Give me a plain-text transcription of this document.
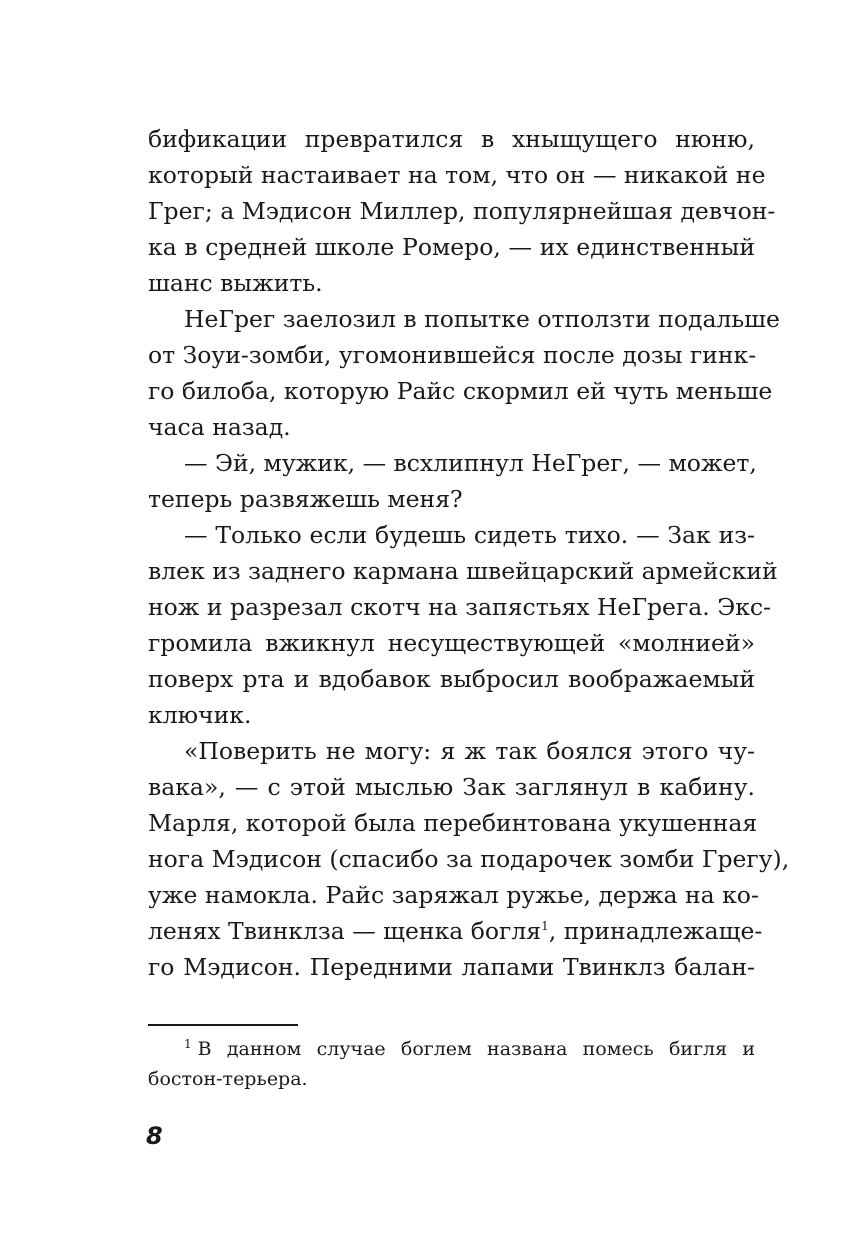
бификации превратился в хныщущего нюню,
который настаивает на том, что он — никакой не
Грег; а Мэдисон Миллер, популярнейшая девчон-
ка в средней школе Ромеро, — их единственный
шанс выжить.
НеГрег заелозил в попытке отползти подальше
от Зоуи-зомби, угомонившейся после дозы гинк-
го билоба, которую Райс скормил ей чуть меньше
часа назад.
— Эй, мужик, — всхлипнул НеГрег, — может,
теперь развяжешь меня?
— Только если будешь сидеть тихо. — Зак из-
влек из заднего кармана швейцарский армейский
нож и разрезал скотч на запястьях НеГрега. Экс-
громила вжикнул несуществующей «молнией»
поверх рта и вдобавок выбросил воображаемый
ключик.
«Поверить не могу: я ж так боялся этого чу-
вака», — с этой мыслью Зак заглянул в кабину.
Марля, которой была перебинтована укушенная
нога Мэдисон (спасибо за подарочек зомби Грегу),
уже намокла. Райс заряжал ружье, держа на ко-
ленях Твинклза — щенка богля$^1$, принадлежаще-
го Мэдисон. Передними лапами Твинклз балан-
$^1$ В данном случае боглем названа помесь бигля и
бостон-терьера.
8
